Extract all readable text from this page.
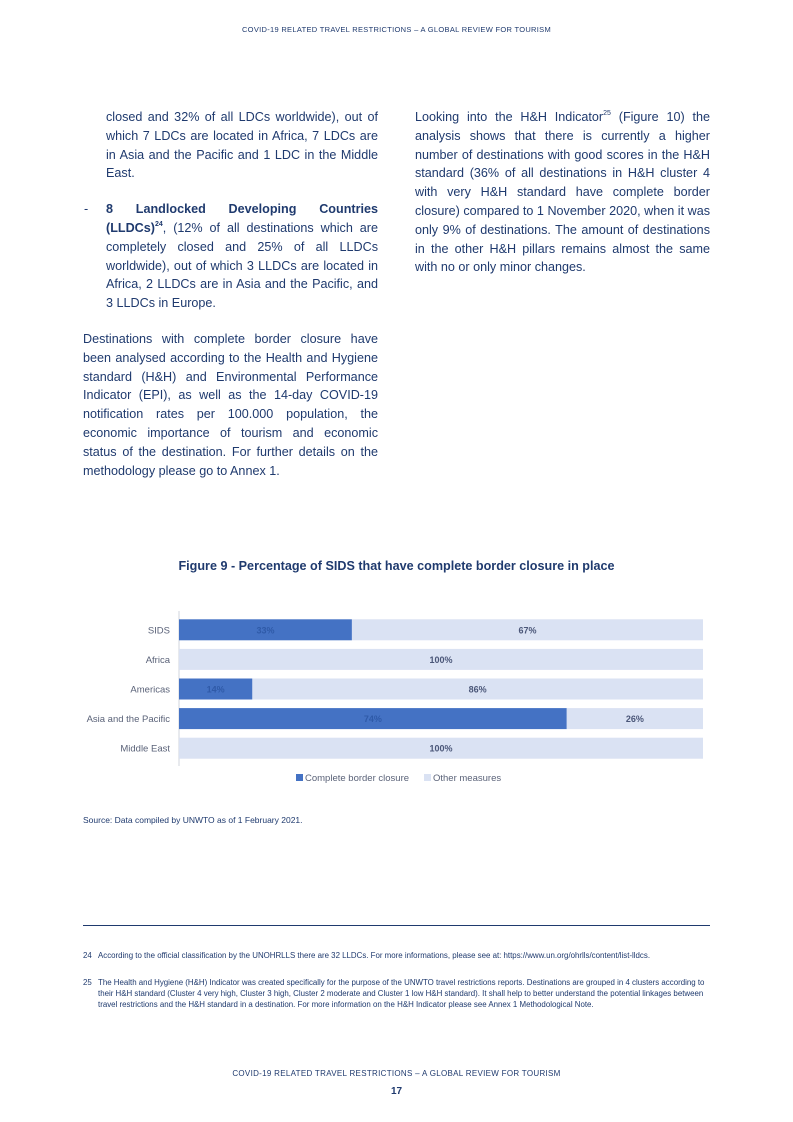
COVID-19 RELATED TRAVEL RESTRICTIONS – A GLOBAL REVIEW FOR TOURISM

closed and 32% of all LDCs worldwide), out of which 7 LDCs are located in Africa, 7 LDCs are in Asia and the Pacific and 1 LDC in the Middle East.

- 8 Landlocked Developing Countries (LLDCs)$^{24}$, (12% of all destinations which are completely closed and 25% of all LLDCs worldwide), out of which 3 LLDCs are located in Africa, 2 LLDCs are in Asia and the Pacific, and 3 LLDCs in Europe.

Destinations with complete border closure have been analysed according to the Health and Hygiene standard (H&H) and Environmental Performance Indicator (EPI), as well as the 14-day COVID-19 notification rates per 100.000 population, the economic importance of tourism and economic status of the destination. For further details on the methodology please go to Annex 1.

Looking into the H&H Indicator$^{25}$ (Figure 10) the analysis shows that there is currently a higher number of destinations with good scores in the H&H standard (36% of all destinations in H&H cluster 4 with very H&H standard have complete border closure) compared to 1 November 2020, when it was only 9% of destinations. The amount of destinations in the other H&H pillars remains almost the same with no or only minor changes.

Figure 9 - Percentage of SIDS that have complete border closure in place
SIDS	33%	67%
Africa	100%
Americas	14%	86%
Asia and the Pacific	74%	26%
Middle East	100%
Complete border closure	Other measures
Source: Data compiled by UNWTO as of 1 February 2021.
24 According to the official classification by the UNOHRLLS there are 32 LLDCs. For more informations, please see at: https://www.un.org/ohrlls/content/list-lldcs.
25 The Health and Hygiene (H&H) Indicator was created specifically for the purpose of the UNWTO travel restrictions reports. Destinations are grouped in 4 clusters according to their H&H standard (Cluster 4 very high, Cluster 3 high, Cluster 2 moderate and Cluster 1 low H&H standard). It shall help to better understand the potential linkages between travel restrictions and the H&H standard in a destination. For more information on the H&H Indicator please see Annex 1 Methodological Note.
COVID-19 RELATED TRAVEL RESTRICTIONS – A GLOBAL REVIEW FOR TOURISM
17
